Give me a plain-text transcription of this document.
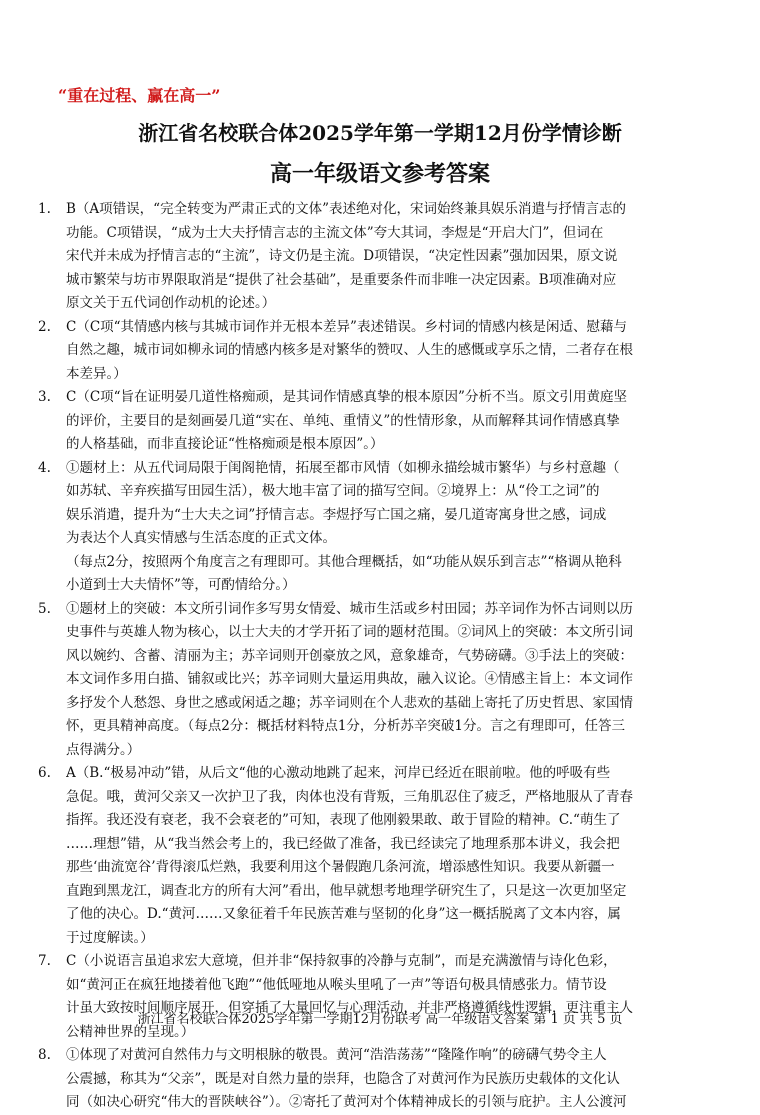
“重在过程、赢在高一”
浙江省名校联合体2025学年第一学期12月份学情诊断
高一年级语文参考答案
1.	B（A项错误，“完全转变为严肃正式的文体”表述绝对化，宋词始终兼具娱乐消遣与抒情言志的
功能。C项错误，“成为士大夫抒情言志的主流文体”夸大其词，李煜是“开启大门”，但词在
宋代并未成为抒情言志的“主流”，诗文仍是主流。D项错误，“决定性因素”强加因果，原文说
城市繁荣与坊市界限取消是“提供了社会基础”，是重要条件而非唯一决定因素。B项准确对应
原文关于五代词创作动机的论述。）
2.	C（C项“其情感内核与其城市词作并无根本差异”表述错误。乡村词的情感内核是闲适、慰藉与
自然之趣，城市词如柳永词的情感内核多是对繁华的赞叹、人生的感慨或享乐之情，二者存在根
本差异。）
3.	C（C项“旨在证明晏几道性格痴顽，是其词作情感真挚的根本原因”分析不当。原文引用黄庭坚
的评价，主要目的是刻画晏几道“实在、单纯、重情义”的性情形象，从而解释其词作情感真挚
的人格基础，而非直接论证“性格痴顽是根本原因”。）
4.	①题材上：从五代词局限于闺阁艳情，拓展至都市风情（如柳永描绘城市繁华）与乡村意趣（
如苏轼、辛弃疾描写田园生活），极大地丰富了词的描写空间。②境界上：从“伶工之词”的
娱乐消遣，提升为“士大夫之词”抒情言志。李煜抒写亡国之痛，晏几道寄寓身世之感，词成
为表达个人真实情感与生活态度的正式文体。
（每点2分，按照两个角度言之有理即可。其他合理概括，如“功能从娱乐到言志”“格调从艳科
小道到士大夫情怀”等，可酌情给分。）
5.	①题材上的突破：本文所引词作多写男女情爱、城市生活或乡村田园；苏辛词作为怀古词则以历
史事件与英雄人物为核心，以士大夫的才学开拓了词的题材范围。②词风上的突破：本文所引词
风以婉约、含蓄、清丽为主；苏辛词则开创豪放之风，意象雄奇，气势磅礴。③手法上的突破：
本文词作多用白描、铺叙或比兴；苏辛词则大量运用典故，融入议论。④情感主旨上：本文词作
多抒发个人愁怨、身世之感或闲适之趣；苏辛词则在个人悲欢的基础上寄托了历史哲思、家国情
怀，更具精神高度。（每点2分：概括材料特点1分，分析苏辛突破1分。言之有理即可，任答三
点得满分。）
6.	A（B.“极易冲动”错，从后文“他的心激动地跳了起来，河岸已经近在眼前啦。他的呼吸有些
急促。哦，黄河父亲又一次护卫了我，肉体也没有背叛，三角肌忍住了疲乏，严格地服从了青春
指挥。我还没有衰老，我不会衰老的”可知，表现了他刚毅果敢、敢于冒险的精神。C.“萌生了
……理想”错，从“我当然会考上的，我已经做了准备，我已经读完了地理系那本讲义，我会把
那些‘曲流宽谷’背得滚瓜烂熟，我要利用这个暑假跑几条河流，增添感性知识。我要从新疆一
直跑到黑龙江，调查北方的所有大河”看出，他早就想考地理学研究生了，只是这一次更加坚定
了他的决心。D.“黄河……又象征着千年民族苦难与坚韧的化身”这一概括脱离了文本内容，属
于过度解读。）
7.	C（小说语言虽追求宏大意境，但并非“保持叙事的冷静与克制”，而是充满激情与诗化色彩，
如“黄河正在疯狂地搂着他飞跑”“他低哑地从喉头里吼了一声”等语句极具情感张力。情节设
计虽大致按时间顺序展开，但穿插了大量回忆与心理活动，并非严格遵循线性逻辑，更注重主人
公精神世界的呈现。）
8.	①体现了对黄河自然伟力与文明根脉的敬畏。黄河“浩浩荡荡”“隆隆作响”的磅礴气势令主人
公震撼，称其为“父亲”，既是对自然力量的崇拜，也隐含了对黄河作为民族历史载体的文化认
同（如决心研究“伟大的晋陕峡谷”）。②寄托了黄河对个体精神成长的引领与庇护。主人公渡河
浙江省名校联合体2025学年第一学期12月份联考 高一年级语文答案 第 1 页 共 5 页
